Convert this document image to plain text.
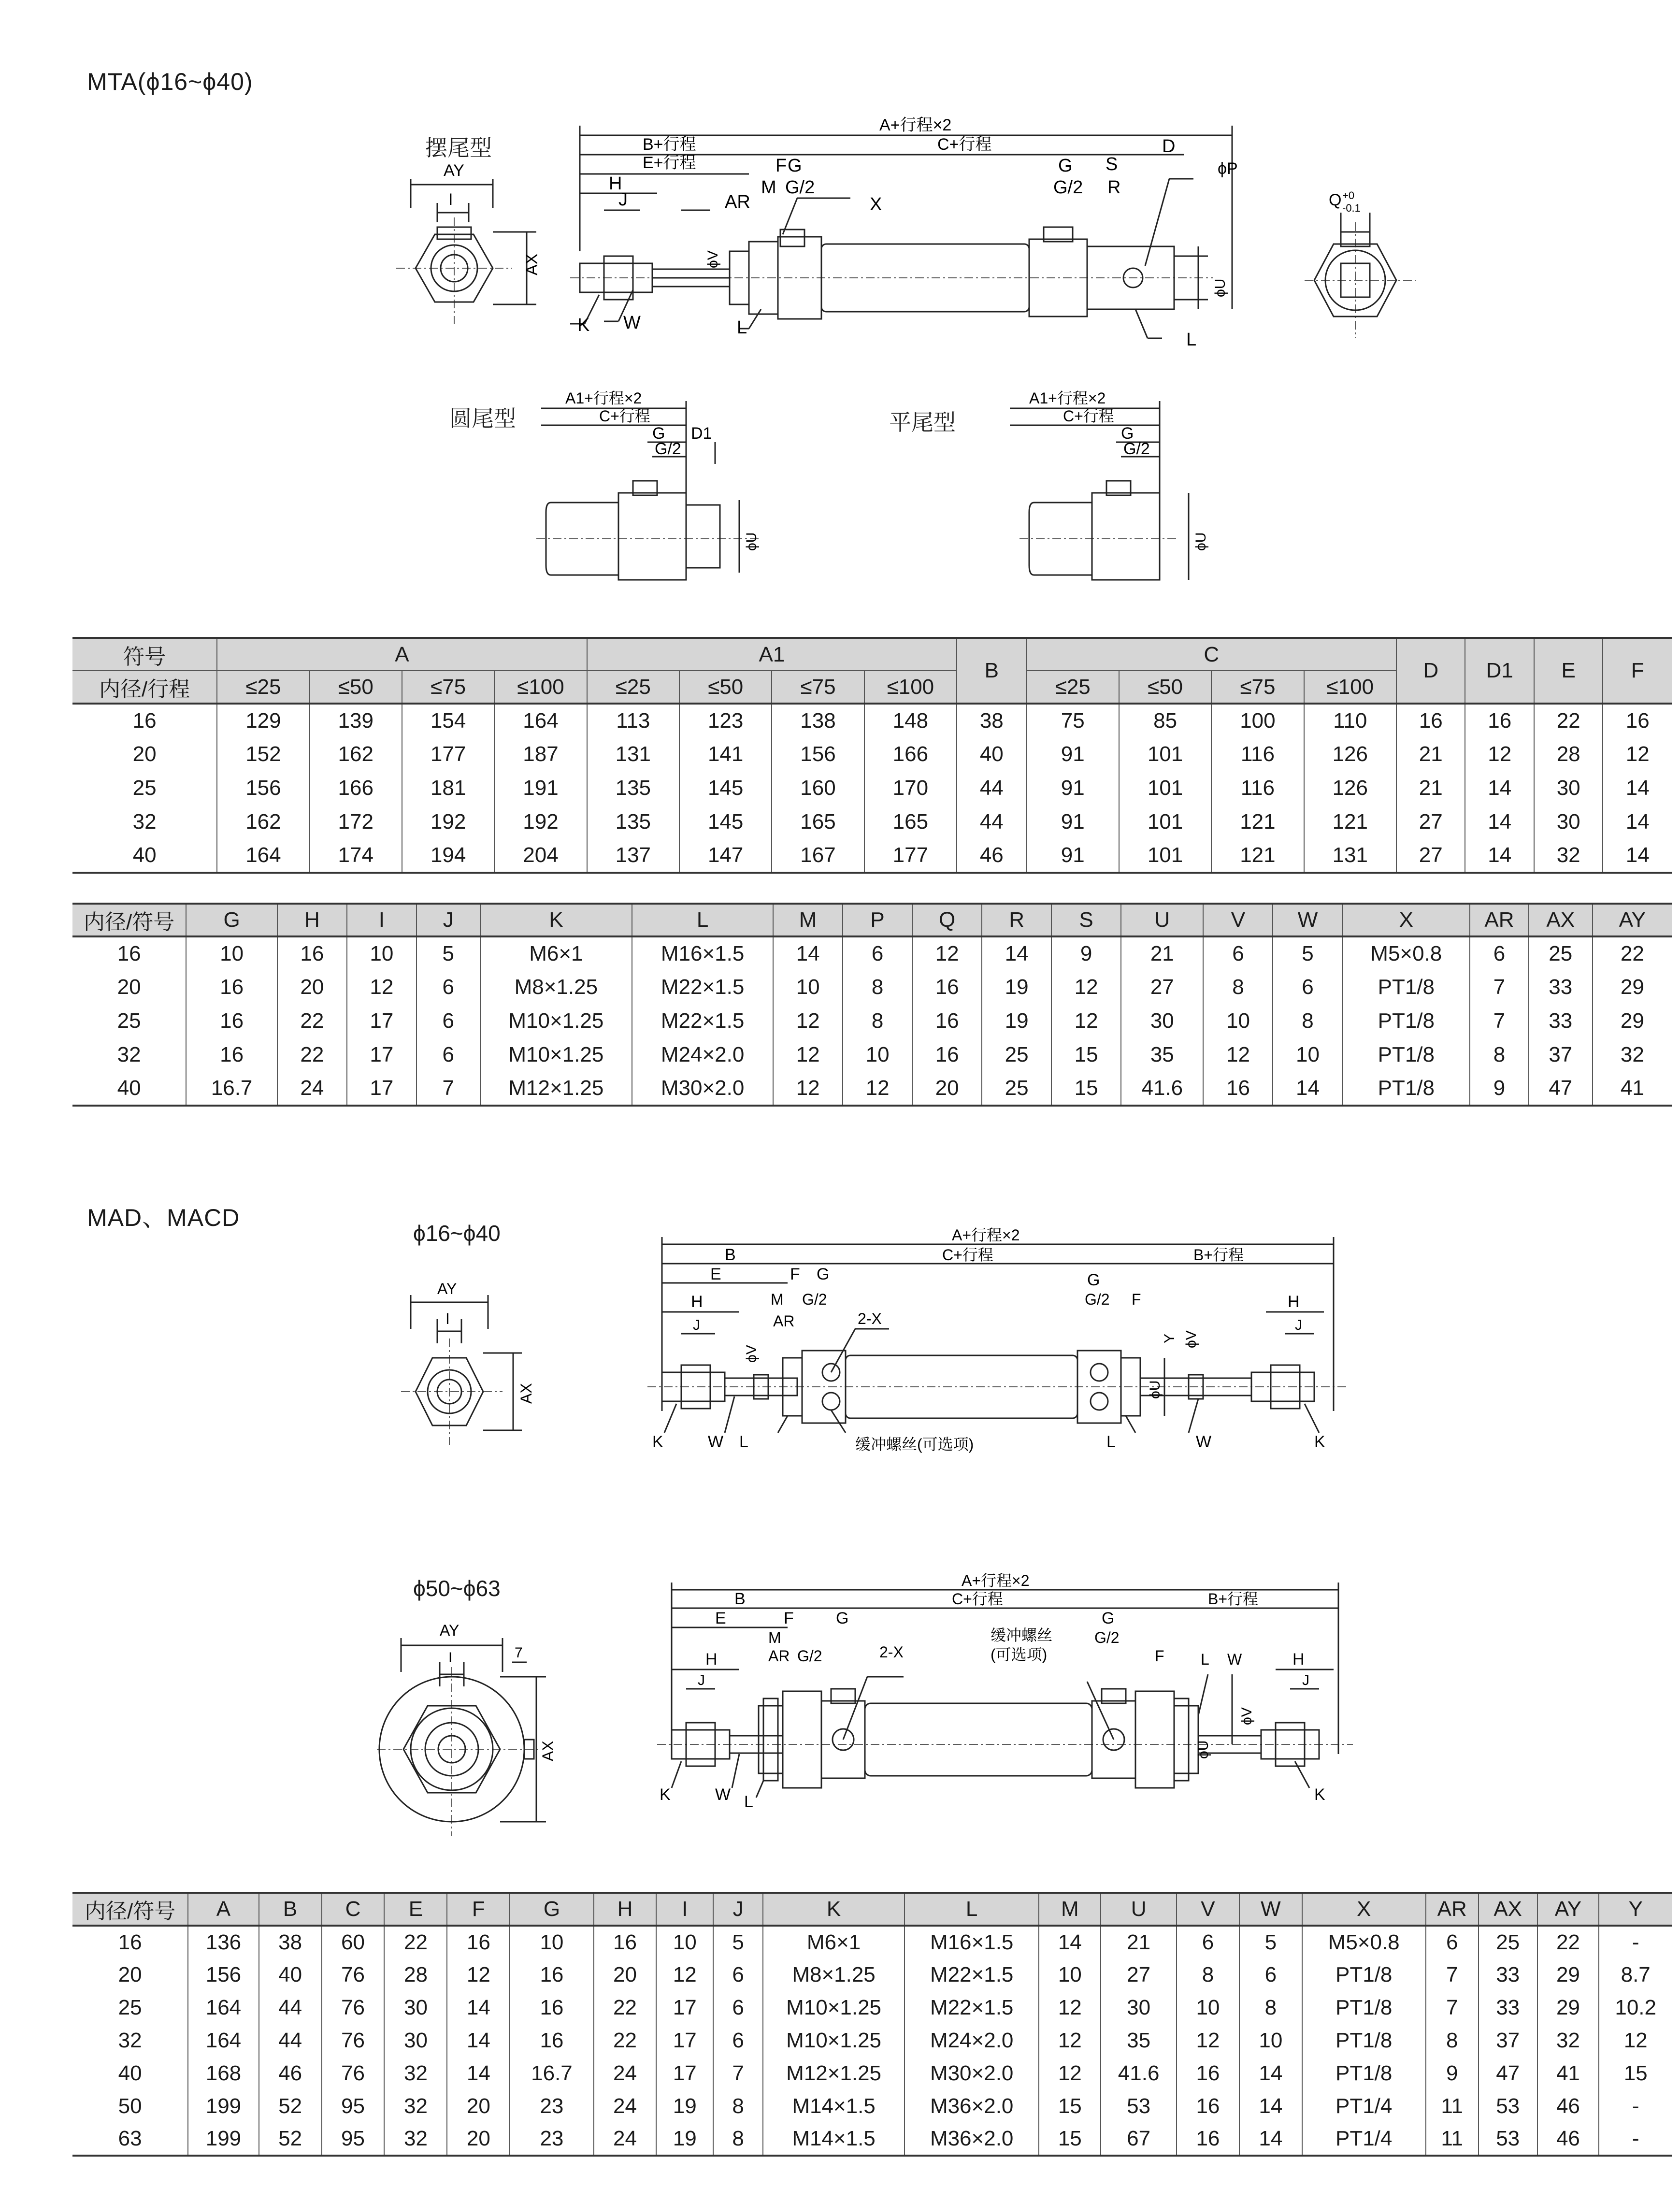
MTA(ϕ16~ϕ40)
AY
I
AX
摆尾型
A+行程×2
B+行程	C+行程
E+行程
H
J	AR
M
F G
G/2
X
G S
D
G/2 R
ϕP
K W	L
L
ϕV
ϕU
Q +0
-0.1
圆尾型
A1+行程×2
C+行程
G D1
G/2
ϕU
平尾型
A1+行程×2
C+行程
G
G/2
ϕU
符号	A				A1				B	C				D	D1	E	F
内径/行程	≤25	≤50	≤75	≤100	≤25	≤50	≤75	≤100		≤25	≤50	≤75	≤100				
16	129	139	154	164	113	123	138	148	38	75	85	100	110	16	16	22	16
20	152	162	177	187	131	141	156	166	40	91	101	116	126	21	12	28	12
25	156	166	181	191	135	145	160	170	44	91	101	116	126	21	14	30	14
32	162	172	192	192	135	145	165	165	44	91	101	121	121	27	14	30	14
40	164	174	194	204	137	147	167	177	46	91	101	121	131	27	14	32	14
内径/符号	G	H	I	J	K	L	M	P	Q	R	S	U	V	W	X	AR	AX	AY
16	10	16	10	5	M6×1	M16×1.5	14	6	12	14	9	21	6	5	M5×0.8	6	25	22
20	16	20	12	6	M8×1.25	M22×1.5	10	8	16	19	12	27	8	6	PT1/8	7	33	29
25	16	22	17	6	M10×1.25	M22×1.5	12	8	16	19	12	30	10	8	PT1/8	7	33	29
32	16	22	17	6	M10×1.25	M24×2.0	12	10	16	25	15	35	12	10	PT1/8	8	37	32
40	16.7	24	17	7	M12×1.25	M30×2.0	12	12	20	25	15	41.6	16	14	PT1/8	9	47	41
MAD、MACD
ϕ16~ϕ40
AY
I
AX
A+行程×2
B	C+行程	B+行程
E	F G
H
J	AR
M G/2
2-X
G
G/2 F	H
J
Y ϕV
ϕV
ϕU
K	W L	缓冲螺丝(可选项)	L	W	K
ϕ50~ϕ63
AY
I	7
AX
A+行程×2
B	C+行程	B+行程
E	F	G
M
AR G/2
H
J
2-X
缓冲螺丝
(可选项)
G
G/2
F L W	H
J
ϕV
ϕU
K	W L	K
内径/符号	A	B	C	E	F	G	H	I	J	K	L	M	U	V	W	X	AR	AX	AY	Y
16	136	38	60	22	16	10	16	10	5	M6×1	M16×1.5	14	21	6	5	M5×0.8	6	25	22	-
20	156	40	76	28	12	16	20	12	6	M8×1.25	M22×1.5	10	27	8	6	PT1/8	7	33	29	8.7
25	164	44	76	30	14	16	22	17	6	M10×1.25	M22×1.5	12	30	10	8	PT1/8	7	33	29	10.2
32	164	44	76	30	14	16	22	17	6	M10×1.25	M24×2.0	12	35	12	10	PT1/8	8	37	32	12
40	168	46	76	32	14	16.7	24	17	7	M12×1.25	M30×2.0	12	41.6	16	14	PT1/8	9	47	41	15
50	199	52	95	32	20	23	24	19	8	M14×1.5	M36×2.0	15	53	16	14	PT1/4	11	53	46	-
63	199	52	95	32	20	23	24	19	8	M14×1.5	M36×2.0	15	67	16	14	PT1/4	11	53	46	-
